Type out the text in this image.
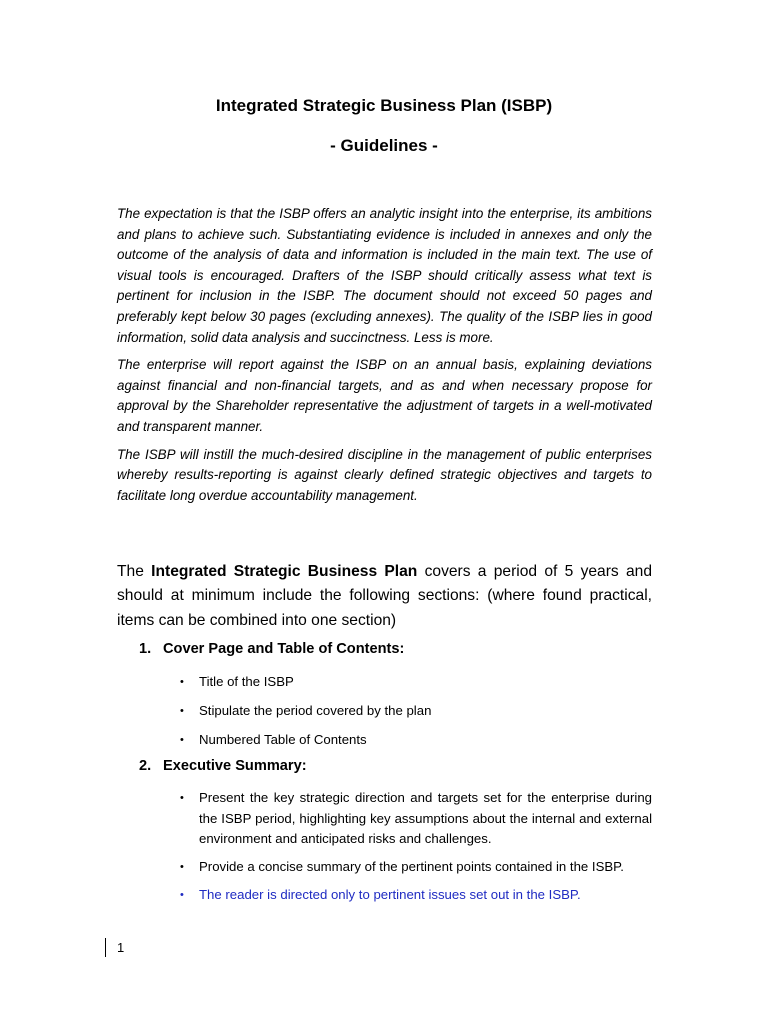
Integrated Strategic Business Plan (ISBP)
- Guidelines -

The expectation is that the ISBP offers an analytic insight into the enterprise, its ambitions and plans to achieve such. Substantiating evidence is included in annexes and only the outcome of the analysis of data and information is included in the main text. The use of visual tools is encouraged. Drafters of the ISBP should critically assess what text is pertinent for inclusion in the ISBP. The document should not exceed 50 pages and preferably kept below 30 pages (excluding annexes). The quality of the ISBP lies in good information, solid data analysis and succinctness. Less is more.

The enterprise will report against the ISBP on an annual basis, explaining deviations against financial and non-financial targets, and as and when necessary propose for approval by the Shareholder representative the adjustment of targets in a well-motivated and transparent manner.

The ISBP will instill the much-desired discipline in the management of public enterprises whereby results-reporting is against clearly defined strategic objectives and targets to facilitate long overdue accountability management.

The Integrated Strategic Business Plan covers a period of 5 years and should at minimum include the following sections: (where found practical, items can be combined into one section)

1. Cover Page and Table of Contents:
• Title of the ISBP
• Stipulate the period covered by the plan
• Numbered Table of Contents
2. Executive Summary:
• Present the key strategic direction and targets set for the enterprise during the ISBP period, highlighting key assumptions about the internal and external environment and anticipated risks and challenges.
• Provide a concise summary of the pertinent points contained in the ISBP.
• The reader is directed only to pertinent issues set out in the ISBP.
1
